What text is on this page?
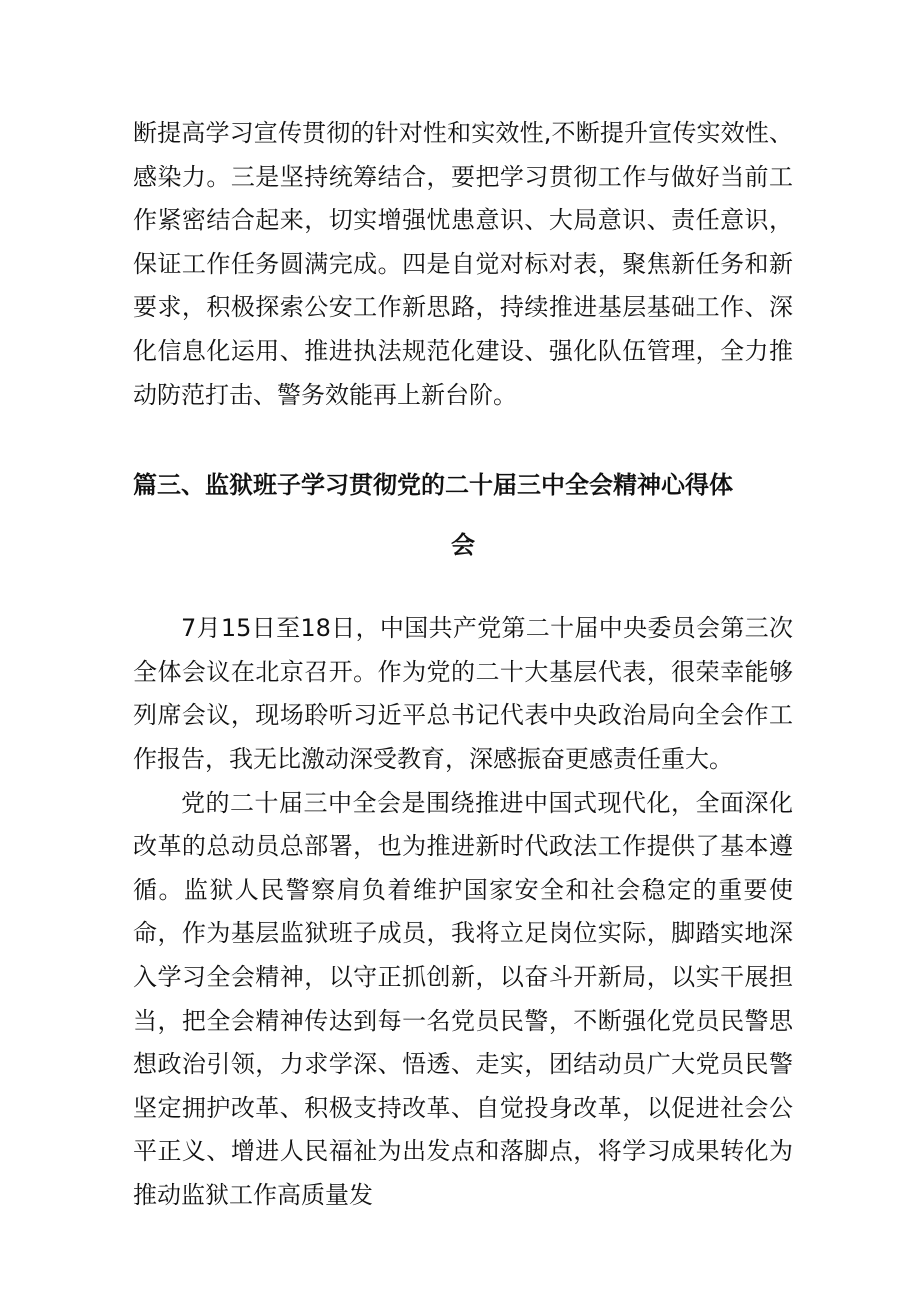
断提高学习宣传贯彻的针对性和实效性,不断提升宣传实效性、感染力。三是坚持统筹结合，要把学习贯彻工作与做好当前工作紧密结合起来，切实增强忧患意识、大局意识、责任意识，保证工作任务圆满完成。四是自觉对标对表，聚焦新任务和新要求，积极探索公安工作新思路，持续推进基层基础工作、深化信息化运用、推进执法规范化建设、强化队伍管理，全力推动防范打击、警务效能再上新台阶。

篇三、监狱班子学习贯彻党的二十届三中全会精神心得体
会

7月15日至18日，中国共产党第二十届中央委员会第三次全体会议在北京召开。作为党的二十大基层代表，很荣幸能够列席会议，现场聆听习近平总书记代表中央政治局向全会作工作报告，我无比激动深受教育，深感振奋更感责任重大。

党的二十届三中全会是围绕推进中国式现代化，全面深化改革的总动员总部署，也为推进新时代政法工作提供了基本遵循。监狱人民警察肩负着维护国家安全和社会稳定的重要使命，作为基层监狱班子成员，我将立足岗位实际，脚踏实地深入学习全会精神，以守正抓创新，以奋斗开新局，以实干展担当，把全会精神传达到每一名党员民警，不断强化党员民警思想政治引领，力求学深、悟透、走实，团结动员广大党员民警坚定拥护改革、积极支持改革、自觉投身改革，以促进社会公平正义、增进人民福祉为出发点和落脚点，将学习成果转化为推动监狱工作高质量发
